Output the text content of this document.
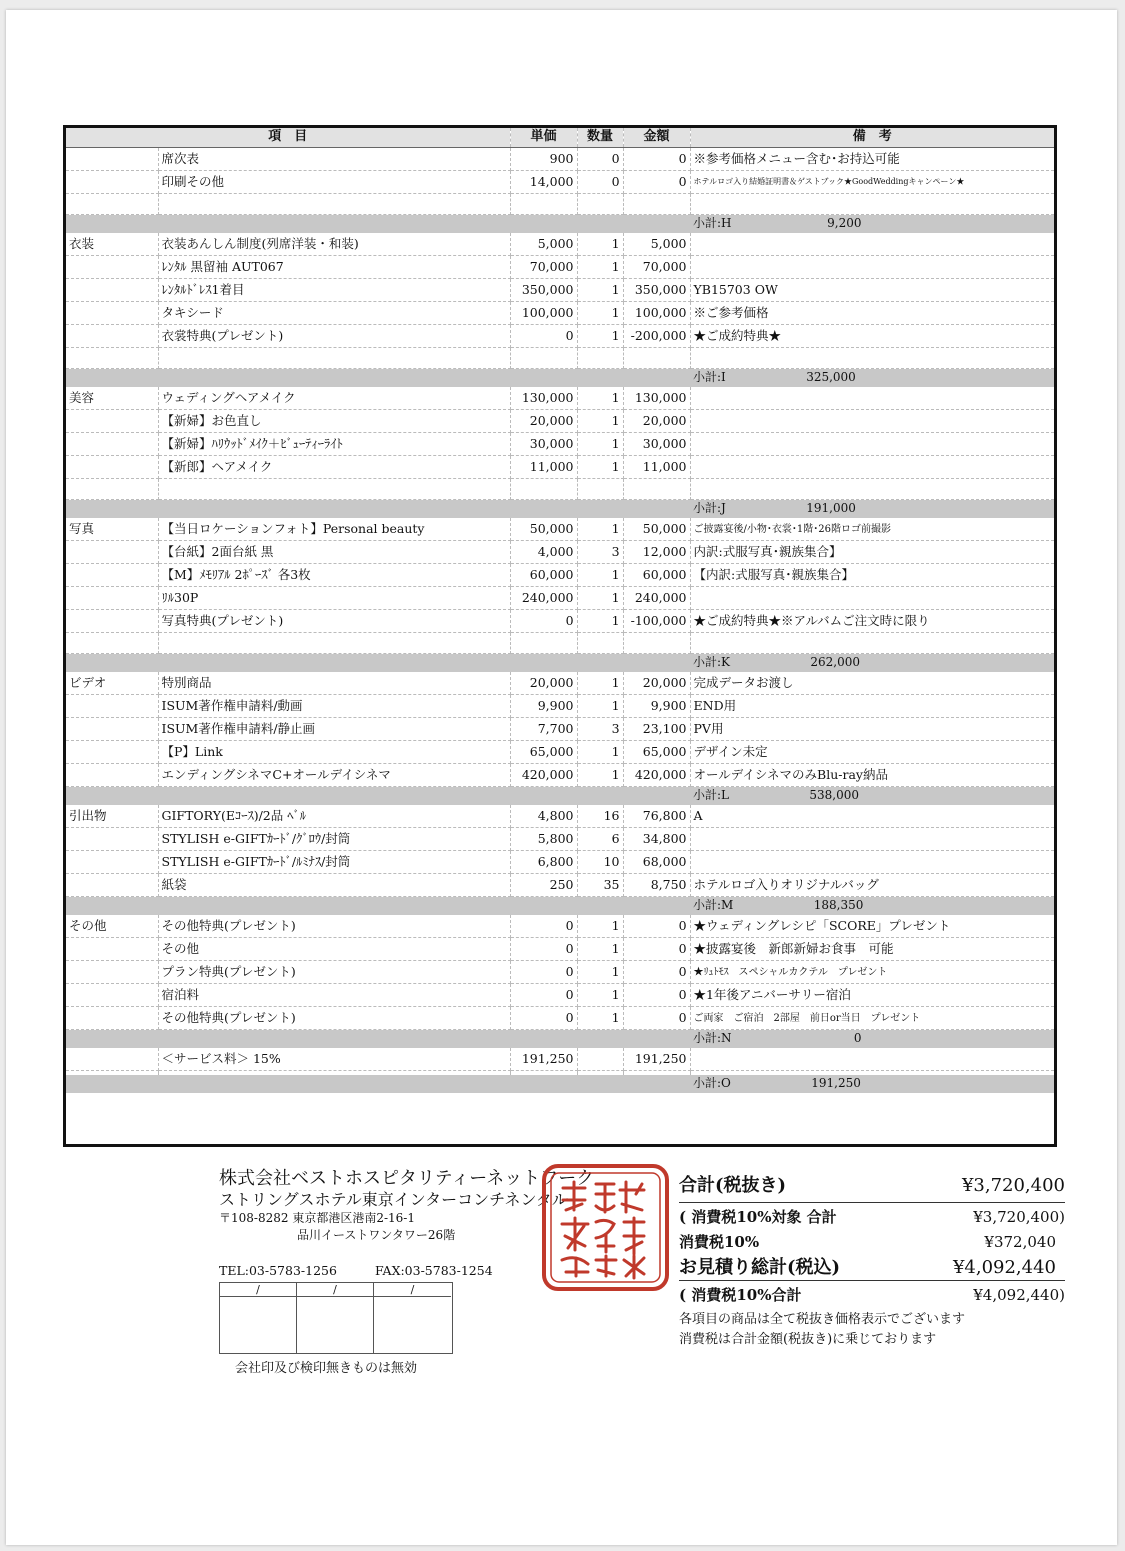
項　目		単価	数量	金額	備　考
	席次表	900	0	0	※参考価格メニュー含む･お持込可能
	印刷その他	14,000	0	0	ホテルロゴ入り結婚証明書＆ゲストブック★GoodWeddingキャンペーン★

					小計:H 9,200
衣装	衣装あんしん制度(列席洋装・和装)	5,000	1	5,000	
	ﾚﾝﾀﾙ 黒留袖 AUT067	70,000	1	70,000	
	ﾚﾝﾀﾙﾄﾞﾚｽ1着目	350,000	1	350,000	YB15703 OW
	タキシード	100,000	1	100,000	※ご参考価格
	衣裳特典(プレゼント)	0	1	-200,000	★ご成約特典★

					小計:I 325,000
美容	ウェディングヘアメイク	130,000	1	130,000	
	【新婦】お色直し	20,000	1	20,000	
	【新婦】ﾊﾘｳｯﾄﾞﾒｲｸ＋ﾋﾞｭｰﾃｨｰﾗｲﾄ	30,000	1	30,000	
	【新郎】ヘアメイク	11,000	1	11,000	

					小計:J 191,000
写真	【当日ロケーションフォト】Personal beauty	50,000	1	50,000	ご披露宴後/小物･衣裳･1階･26階ロゴ前撮影
	【台紙】2面台紙 黒	4,000	3	12,000	内訳:式服写真･親族集合】
	【M】ﾒﾓﾘｱﾙ 2ﾎﾟｰｽﾞ 各3枚	60,000	1	60,000	【内訳:式服写真･親族集合】
	ﾘﾙ30P	240,000	1	240,000	
	写真特典(プレゼント)	0	1	-100,000	★ご成約特典★※アルバムご注文時に限り

					小計:K 262,000
ビデオ	特別商品	20,000	1	20,000	完成データお渡し
	ISUM著作権申請料/動画	9,900	1	9,900	END用
	ISUM著作権申請料/静止画	7,700	3	23,100	PV用
	【P】Link	65,000	1	65,000	デザイン未定
	エンディングシネマC+オールデイシネマ	420,000	1	420,000	オールデイシネマのみBlu-ray納品
					小計:L 538,000
引出物	GIFTORY(Eｺｰｽ)/2品 ﾍﾞﾙ	4,800	16	76,800	A
	STYLISH e-GIFTｶｰﾄﾞ/ｸﾞﾛｳ/封筒	5,800	6	34,800	
	STYLISH e-GIFTｶｰﾄﾞ/ﾙﾐﾅｽ/封筒	6,800	10	68,000	
	紙袋	250	35	8,750	ホテルロゴ入りオリジナルバッグ
					小計:M 188,350
その他	その他特典(プレゼント)	0	1	0	★ウェディングレシピ「SCORE」プレゼント
	その他	0	1	0	★披露宴後　新郎新婦お食事　可能
	プラン特典(プレゼント)	0	1	0	★ﾘｭﾄﾓｽ　スペシャルカクテル　プレゼント
	宿泊料	0	1	0	★1年後アニバーサリー宿泊
	その他特典(プレゼント)	0	1	0	ご両家　ご宿泊　2部屋　前日or当日　プレゼント
					小計:N 0
	＜サービス料＞ 15%	191,250		191,250	

					小計:O 191,250
株式会社ベストホスピタリティーネットワーク
ストリングスホテル東京インターコンチネンタル
〒108-8282 東京都港区港南2-16-1
品川イーストワンタワー26階
TEL:03-5783-1256	FAX:03-5783-1254
/	/	/
会社印及び検印無きものは無効
合計(税抜き)	¥3,720,400
( 消費税10%対象 合計	¥3,720,400)
消費税10%	¥372,040
お見積り総計(税込)	¥4,092,440
( 消費税10%合計	¥4,092,440)
各項目の商品は全て税抜き価格表示でございます
消費税は合計金額(税抜き)に乗じております
